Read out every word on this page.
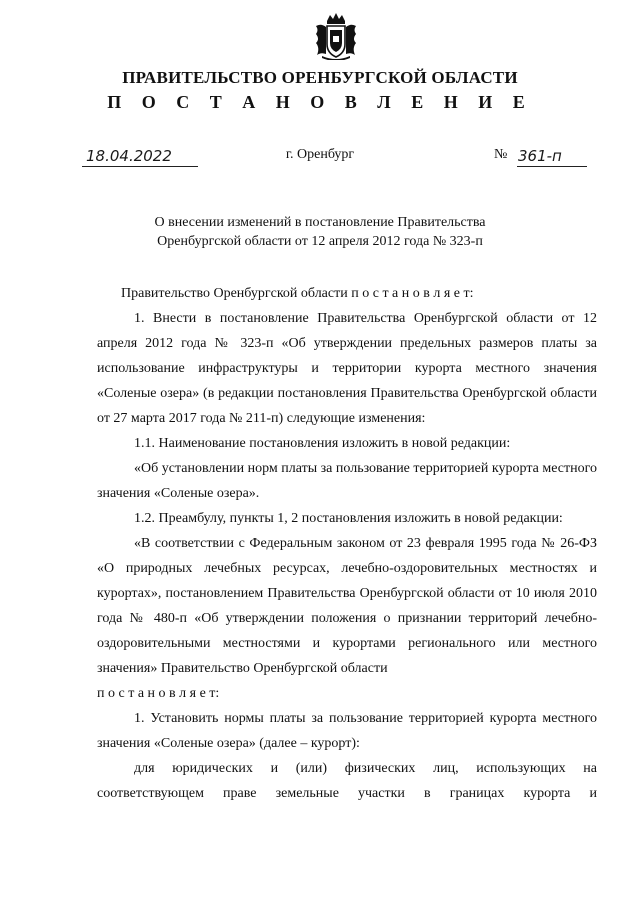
ПРАВИТЕЛЬСТВО ОРЕНБУРГСКОЙ ОБЛАСТИ
П О С Т А Н О В Л Е Н И Е
18.04.2022	г. Оренбург	№ 361-п
О внесении изменений в постановление Правительства
Оренбургской области от 12 апреля 2012 года № 323-п

Правительство Оренбургской области п о с т а н о в л я е т:

1. Внести в постановление Правительства Оренбургской области от 12 апреля 2012 года № 323-п «Об утверждении предельных размеров платы за использование инфраструктуры и территории курорта местного значения «Соленые озера» (в редакции постановления Правительства Оренбургской области от 27 марта 2017 года № 211-п) следующие изменения:

1.1. Наименование постановления изложить в новой редакции:

«Об установлении норм платы за пользование территорией курорта местного значения «Соленые озера».

1.2. Преамбулу, пункты 1, 2 постановления изложить в новой редакции:

«В соответствии с Федеральным законом от 23 февраля 1995 года № 26-ФЗ «О природных лечебных ресурсах, лечебно-оздоровительных местностях и курортах», постановлением Правительства Оренбургской области от 10 июля 2010 года № 480-п «Об утверждении положения о признании территорий лечебно-оздоровительными местностями и курортами регионального или местного значения» Правительство Оренбургской области

п о с т а н о в л я е т:

1. Установить нормы платы за пользование территорией курорта местного значения «Соленые озера» (далее – курорт):

для юридических и (или) физических лиц, использующих на соответствующем праве земельные участки в границах курорта и
